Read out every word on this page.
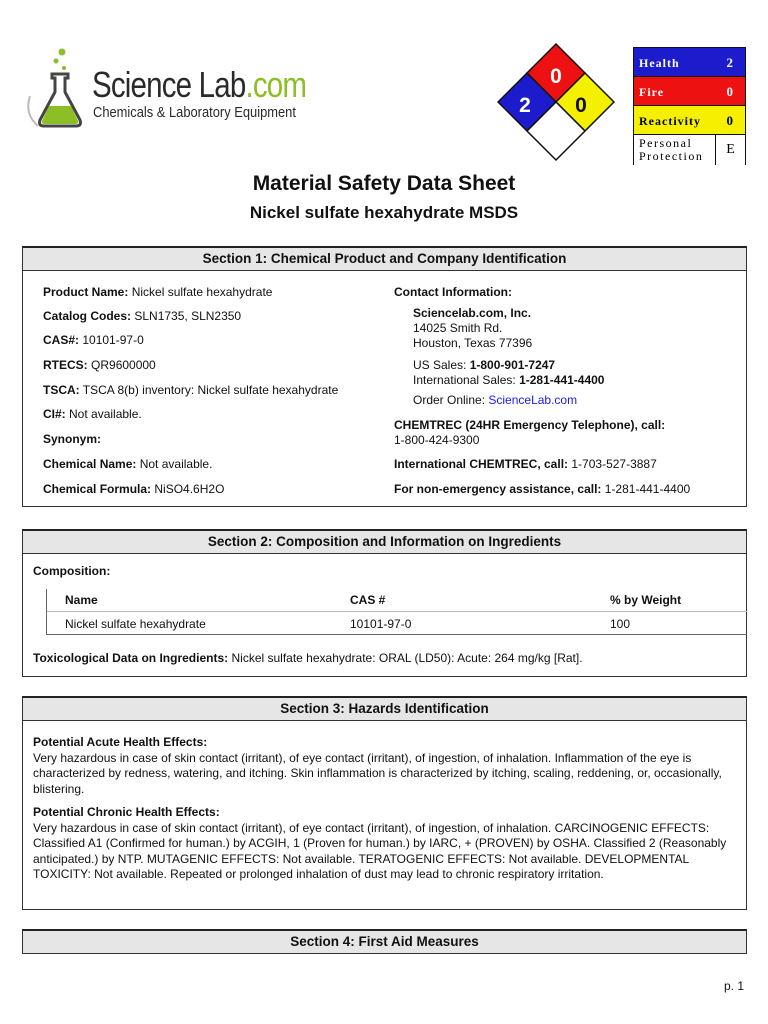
Science Lab.com
Chemicals & Laboratory Equipment
0
2 0
Health	2
Fire	0
Reactivity 0
Personal
Protection	E
Material Safety Data Sheet
Nickel sulfate hexahydrate MSDS
Section 1: Chemical Product and Company Identification
Product Name: Nickel sulfate hexahydrate
Catalog Codes: SLN1735, SLN2350
CAS#: 10101-97-0
RTECS: QR9600000
TSCA: TSCA 8(b) inventory: Nickel sulfate hexahydrate
CI#: Not available.
Synonym:
Chemical Name: Not available.
Chemical Formula: NiSO4.6H2O
Contact Information:
Sciencelab.com, Inc.
14025 Smith Rd.
Houston, Texas 77396
US Sales: 1-800-901-7247
International Sales: 1-281-441-4400
Order Online: ScienceLab.com
CHEMTREC (24HR Emergency Telephone), call:
1-800-424-9300
International CHEMTREC, call: 1-703-527-3887
For non-emergency assistance, call: 1-281-441-4400
Section 2: Composition and Information on Ingredients
Composition:
Name	CAS #	% by Weight
Nickel sulfate hexahydrate	10101-97-0	100
Toxicological Data on Ingredients: Nickel sulfate hexahydrate: ORAL (LD50): Acute: 264 mg/kg [Rat].
Section 3: Hazards Identification
Potential Acute Health Effects:
Very hazardous in case of skin contact (irritant), of eye contact (irritant), of ingestion, of inhalation. Inflammation of the eye is characterized by redness, watering, and itching. Skin inflammation is characterized by itching, scaling, reddening, or, occasionally, blistering.
Potential Chronic Health Effects:
Very hazardous in case of skin contact (irritant), of eye contact (irritant), of ingestion, of inhalation. CARCINOGENIC EFFECTS: Classified A1 (Confirmed for human.) by ACGIH, 1 (Proven for human.) by IARC, + (PROVEN) by OSHA. Classified 2 (Reasonably anticipated.) by NTP. MUTAGENIC EFFECTS: Not available. TERATOGENIC EFFECTS: Not available. DEVELOPMENTAL TOXICITY: Not available. Repeated or prolonged inhalation of dust may lead to chronic respiratory irritation.
Section 4: First Aid Measures
p. 1
